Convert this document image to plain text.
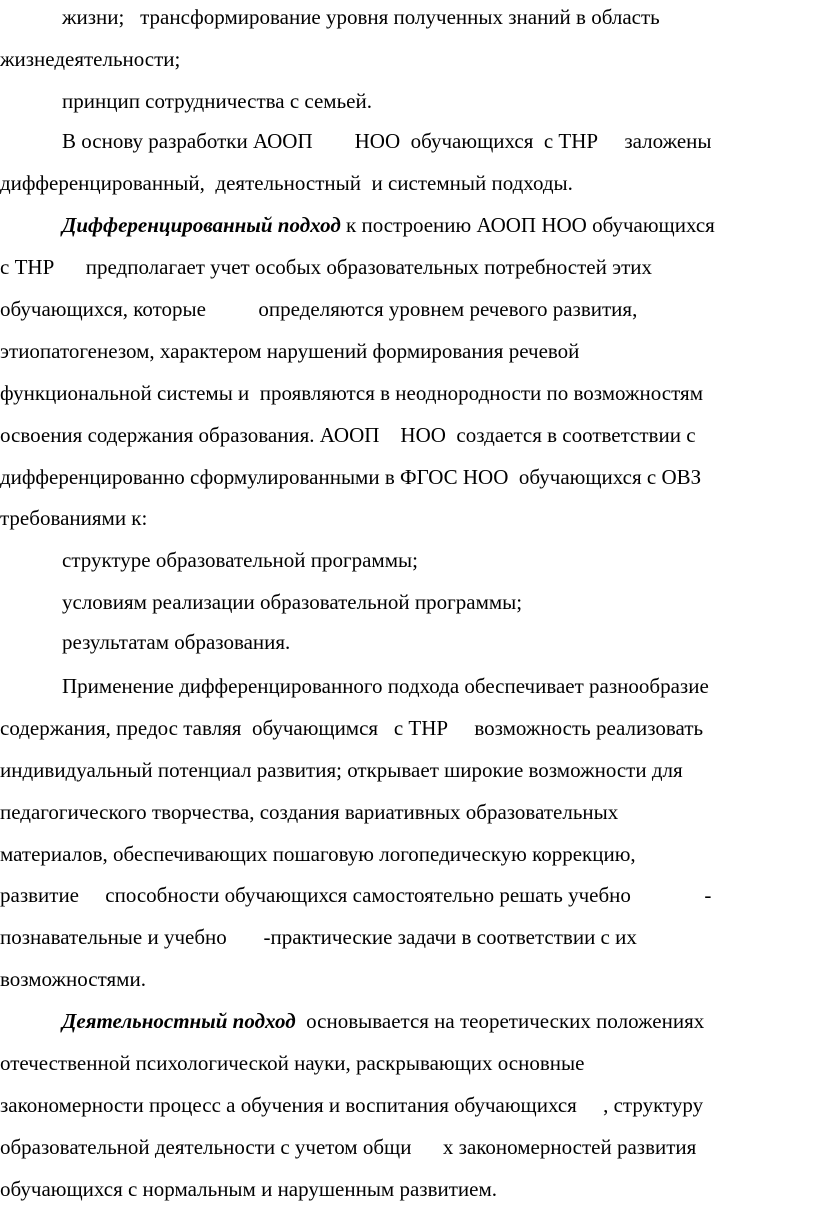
жизни;   трансформирование уровня полученных знаний в область
жизнедеятельности;
принцип сотрудничества с семьей.
В основу разработки АООП        НОО  обучающихся  с ТНР     заложены
дифференцированный,  деятельностный  и системный подходы.
Дифференцированный подход к построению АООП НОО обучающихся
с ТНР      предполагает учет особых образовательных потребностей этих
обучающихся, которые          определяются уровнем речевого развития,
этиопатогенезом, характером нарушений формирования речевой
функциональной системы и  проявляются в неоднородности по возможностям
освоения содержания образования. АООП    НОО  создается в соответствии с
дифференцированно сформулированными в ФГОС НОО  обучающихся с ОВЗ
требованиями к:
структуре образовательной программы;
условиям реализации образовательной программы;
результатам образования.
Применение дифференцированного подхода обеспечивает разнообразие
содержания, предос тавляя  обучающимся   с ТНР     возможность реализовать
индивидуальный потенциал развития; открывает широкие возможности для
педагогического творчества, создания вариативных образовательных
материалов, обеспечивающих пошаговую логопедическую коррекцию,
развитие     способности обучающихся самостоятельно решать учебно              -
познавательные и учебно       -практические задачи в соответствии с их
возможностями.
Деятельностный подход  основывается на теоретических положениях
отечественной психологической науки, раскрывающих основные
закономерности процесс а обучения и воспитания обучающихся     , структуру
образовательной деятельности с учетом общи      х закономерностей развития
обучающихся с нормальным и нарушенным развитием.
